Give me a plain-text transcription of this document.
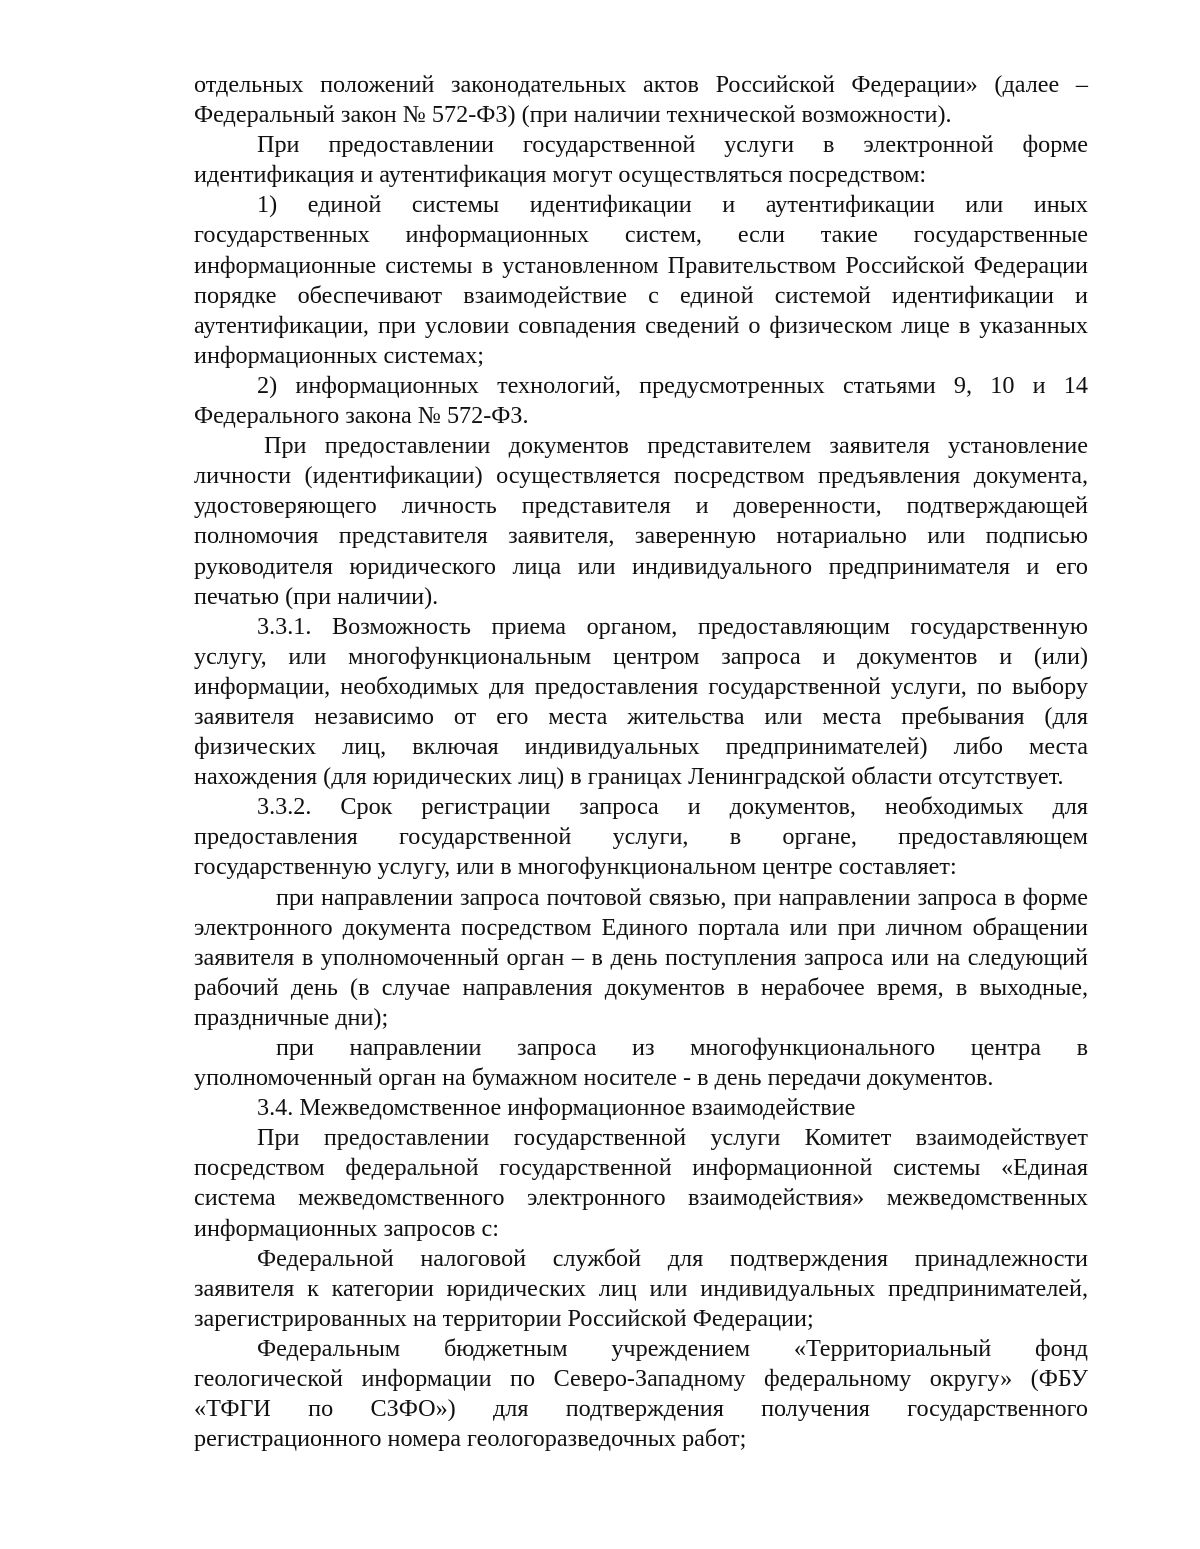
отдельных положений законодательных актов Российской Федерации» (далее – Федеральный закон № 572-ФЗ) (при наличии технической возможности).

При предоставлении государственной услуги в электронной форме идентификация и аутентификация могут осуществляться посредством:

1) единой системы идентификации и аутентификации или иных государственных информационных систем, если такие государственные информационные системы в установленном Правительством Российской Федерации порядке обеспечивают взаимодействие с единой системой идентификации и аутентификации, при условии совпадения сведений о физическом лице в указанных информационных системах;

2) информационных технологий, предусмотренных статьями 9, 10 и 14 Федерального закона № 572-ФЗ.

При предоставлении документов представителем заявителя установление личности (идентификации) осуществляется посредством предъявления документа, удостоверяющего личность представителя и доверенности, подтверждающей полномочия представителя заявителя, заверенную нотариально или подписью руководителя юридического лица или индивидуального предпринимателя и его печатью (при наличии).

3.3.1. Возможность приема органом, предоставляющим государственную услугу, или многофункциональным центром запроса и документов и (или) информации, необходимых для предоставления государственной услуги, по выбору заявителя независимо от его места жительства или места пребывания (для физических лиц, включая индивидуальных предпринимателей) либо места нахождения (для юридических лиц) в границах Ленинградской области отсутствует.

3.3.2. Срок регистрации запроса и документов, необходимых для предоставления государственной услуги, в органе, предоставляющем государственную услугу, или в многофункциональном центре составляет:

при направлении запроса почтовой связью, при направлении запроса в форме электронного документа посредством Единого портала или при личном обращении заявителя в уполномоченный орган – в день поступления запроса или на следующий рабочий день (в случае направления документов в нерабочее время, в выходные, праздничные дни);

при направлении запроса из многофункционального центра в уполномоченный орган на бумажном носителе - в день передачи документов.

3.4. Межведомственное информационное взаимодействие

При предоставлении государственной услуги Комитет взаимодействует посредством федеральной государственной информационной системы «Единая система межведомственного электронного взаимодействия» межведомственных информационных запросов с:

Федеральной налоговой службой для подтверждения принадлежности заявителя к категории юридических лиц или индивидуальных предпринимателей, зарегистрированных на территории Российской Федерации;

Федеральным бюджетным учреждением «Территориальный фонд геологической информации по Северо-Западному федеральному округу» (ФБУ «ТФГИ по СЗФО») для подтверждения получения государственного регистрационного номера геологоразведочных работ;
